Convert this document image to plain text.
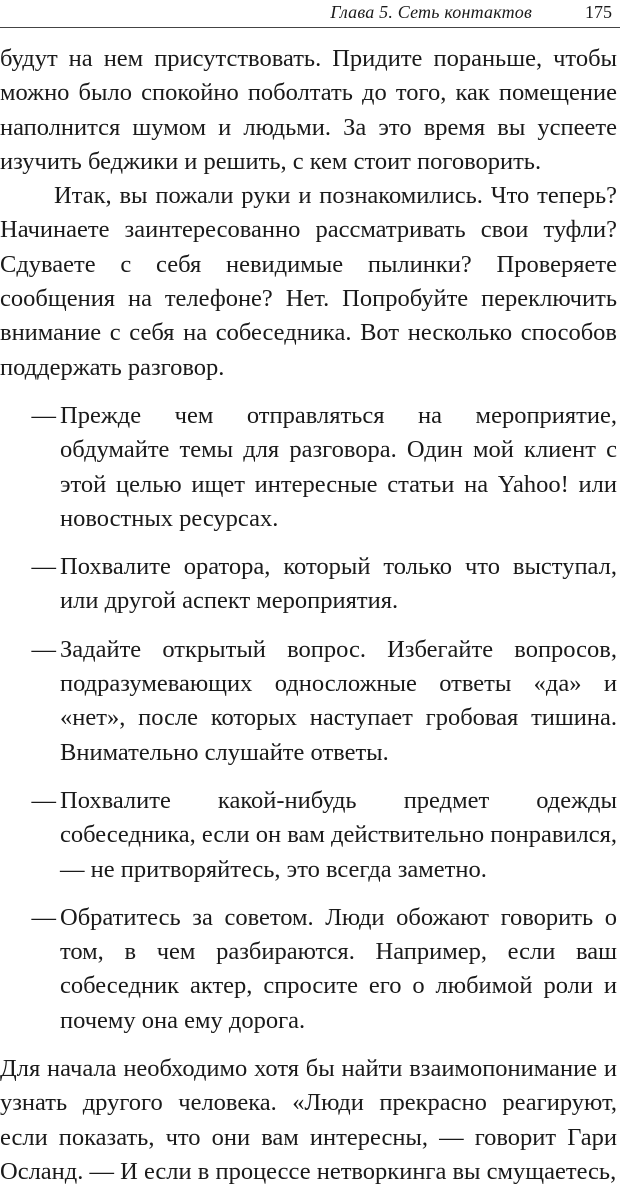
Глава 5. Сеть контактов	175

будут на нем присутствовать. Придите пораньше, чтобы можно было спокойно поболтать до того, как помещение наполнится шумом и людьми. За это время вы успеете изучить беджики и решить, с кем стоит поговорить.

Итак, вы пожали руки и познакомились. Что теперь? Начинаете заинтересованно рассматривать свои туфли? Сдуваете с себя невидимые пылинки? Проверяете сообщения на телефоне? Нет. Попробуйте переключить внимание с себя на собеседника. Вот несколько способов поддержать разговор.

— Прежде чем отправляться на мероприятие, обдумайте темы для разговора. Один мой клиент с этой целью ищет интересные статьи на Yahoo! или новостных ресурсах.
— Похвалите оратора, который только что выступал, или другой аспект мероприятия.
— Задайте открытый вопрос. Избегайте вопросов, подразумевающих односложные ответы «да» и «нет», после которых наступает гробовая тишина. Внимательно слушайте ответы.
— Похвалите какой-нибудь предмет одежды собеседника, если он вам действительно понравился, — не притворяйтесь, это всегда заметно.
— Обратитесь за советом. Люди обожают говорить о том, в чем разбираются. Например, если ваш собеседник актер, спросите его о любимой роли и почему она ему дорога.

Для начала необходимо хотя бы найти взаимопонимание и узнать другого человека. «Люди прекрасно реагируют, если показать, что они вам интересны, — говорит Гари Осланд. — И если в процессе нетворкинга вы смущаетесь,
